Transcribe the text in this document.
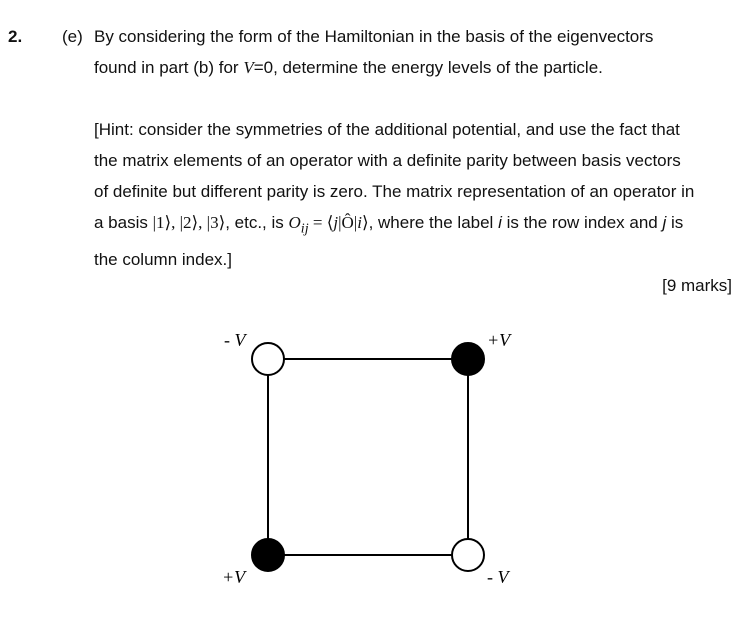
2. (e) By considering the form of the Hamiltonian in the basis of the eigenvectors
found in part (b) for V=0, determine the energy levels of the particle.

[Hint: consider the symmetries of the additional potential, and use the fact that
the matrix elements of an operator with a definite parity between basis vectors
of definite but different parity is zero. The matrix representation of an operator in
a basis |1⟩, |2⟩, |3⟩, etc., is $O_{ij}$ = ⟨j|Ô|i⟩, where the label i is the row index and j is
the column index.]

[9 marks]
- V	+V
+V	- V
